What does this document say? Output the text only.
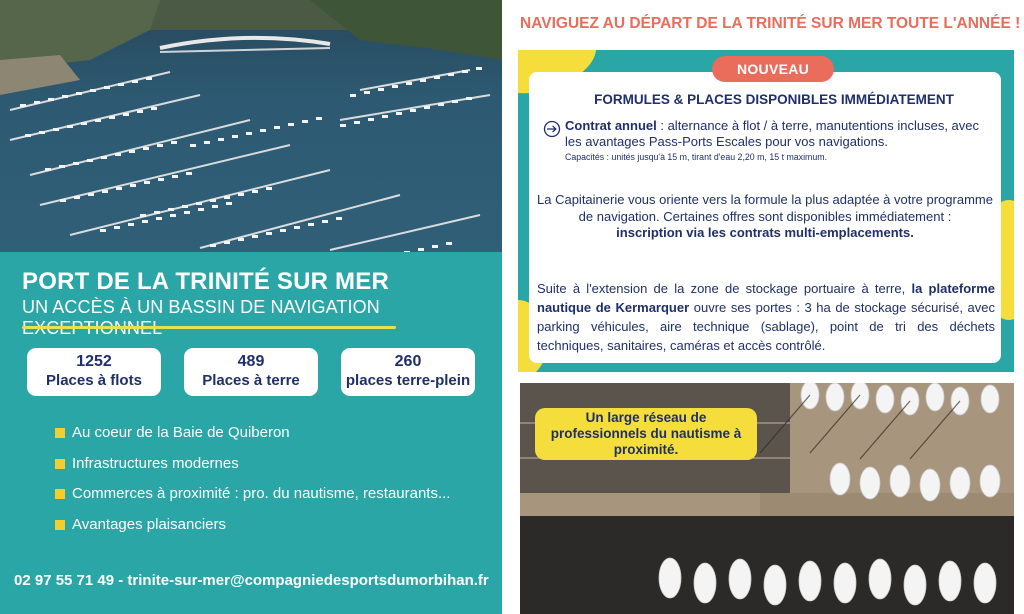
PORT DE LA TRINITÉ SUR MER
UN ACCÈS À UN BASSIN DE NAVIGATION
1252
Places à flots
489
Places à terre
260
places terre-plein
Au coeur de la Baie de Quiberon
Infrastructures modernes
Commerces à proximité : pro. du nautisme, restaurants...
Avantages plaisanciers
02 97 55 71 49 - trinite-sur-mer@compagniedesportsdumorbihan.fr
NAVIGUEZ AU DÉPART DE LA TRINITÉ SUR MER TOUTE L'ANNÉE !
NOUVEAU
FORMULES & PLACES DISPONIBLES IMMÉDIATEMENT
Contrat annuel : alternance à flot / à terre, manutentions incluses, avec les avantages Pass-Ports Escales pour vos navigations.
Capacités : unités jusqu'à 15 m, tirant d'eau 2,20 m, 15 t maximum.
La Capitainerie vous oriente vers la formule la plus adaptée à votre programme de navigation. Certaines offres sont disponibles immédiatement :
inscription via les contrats multi-emplacements.
Suite à l'extension de la zone de stockage portuaire à terre, la plateforme nautique de Kermarquer ouvre ses portes : 3 ha de stockage sécurisé, avec parking véhicules, aire technique (sablage), point de tri des déchets techniques, sanitaires, caméras et accès contrôlé.
Un large réseau de professionnels du nautisme à proximité.
